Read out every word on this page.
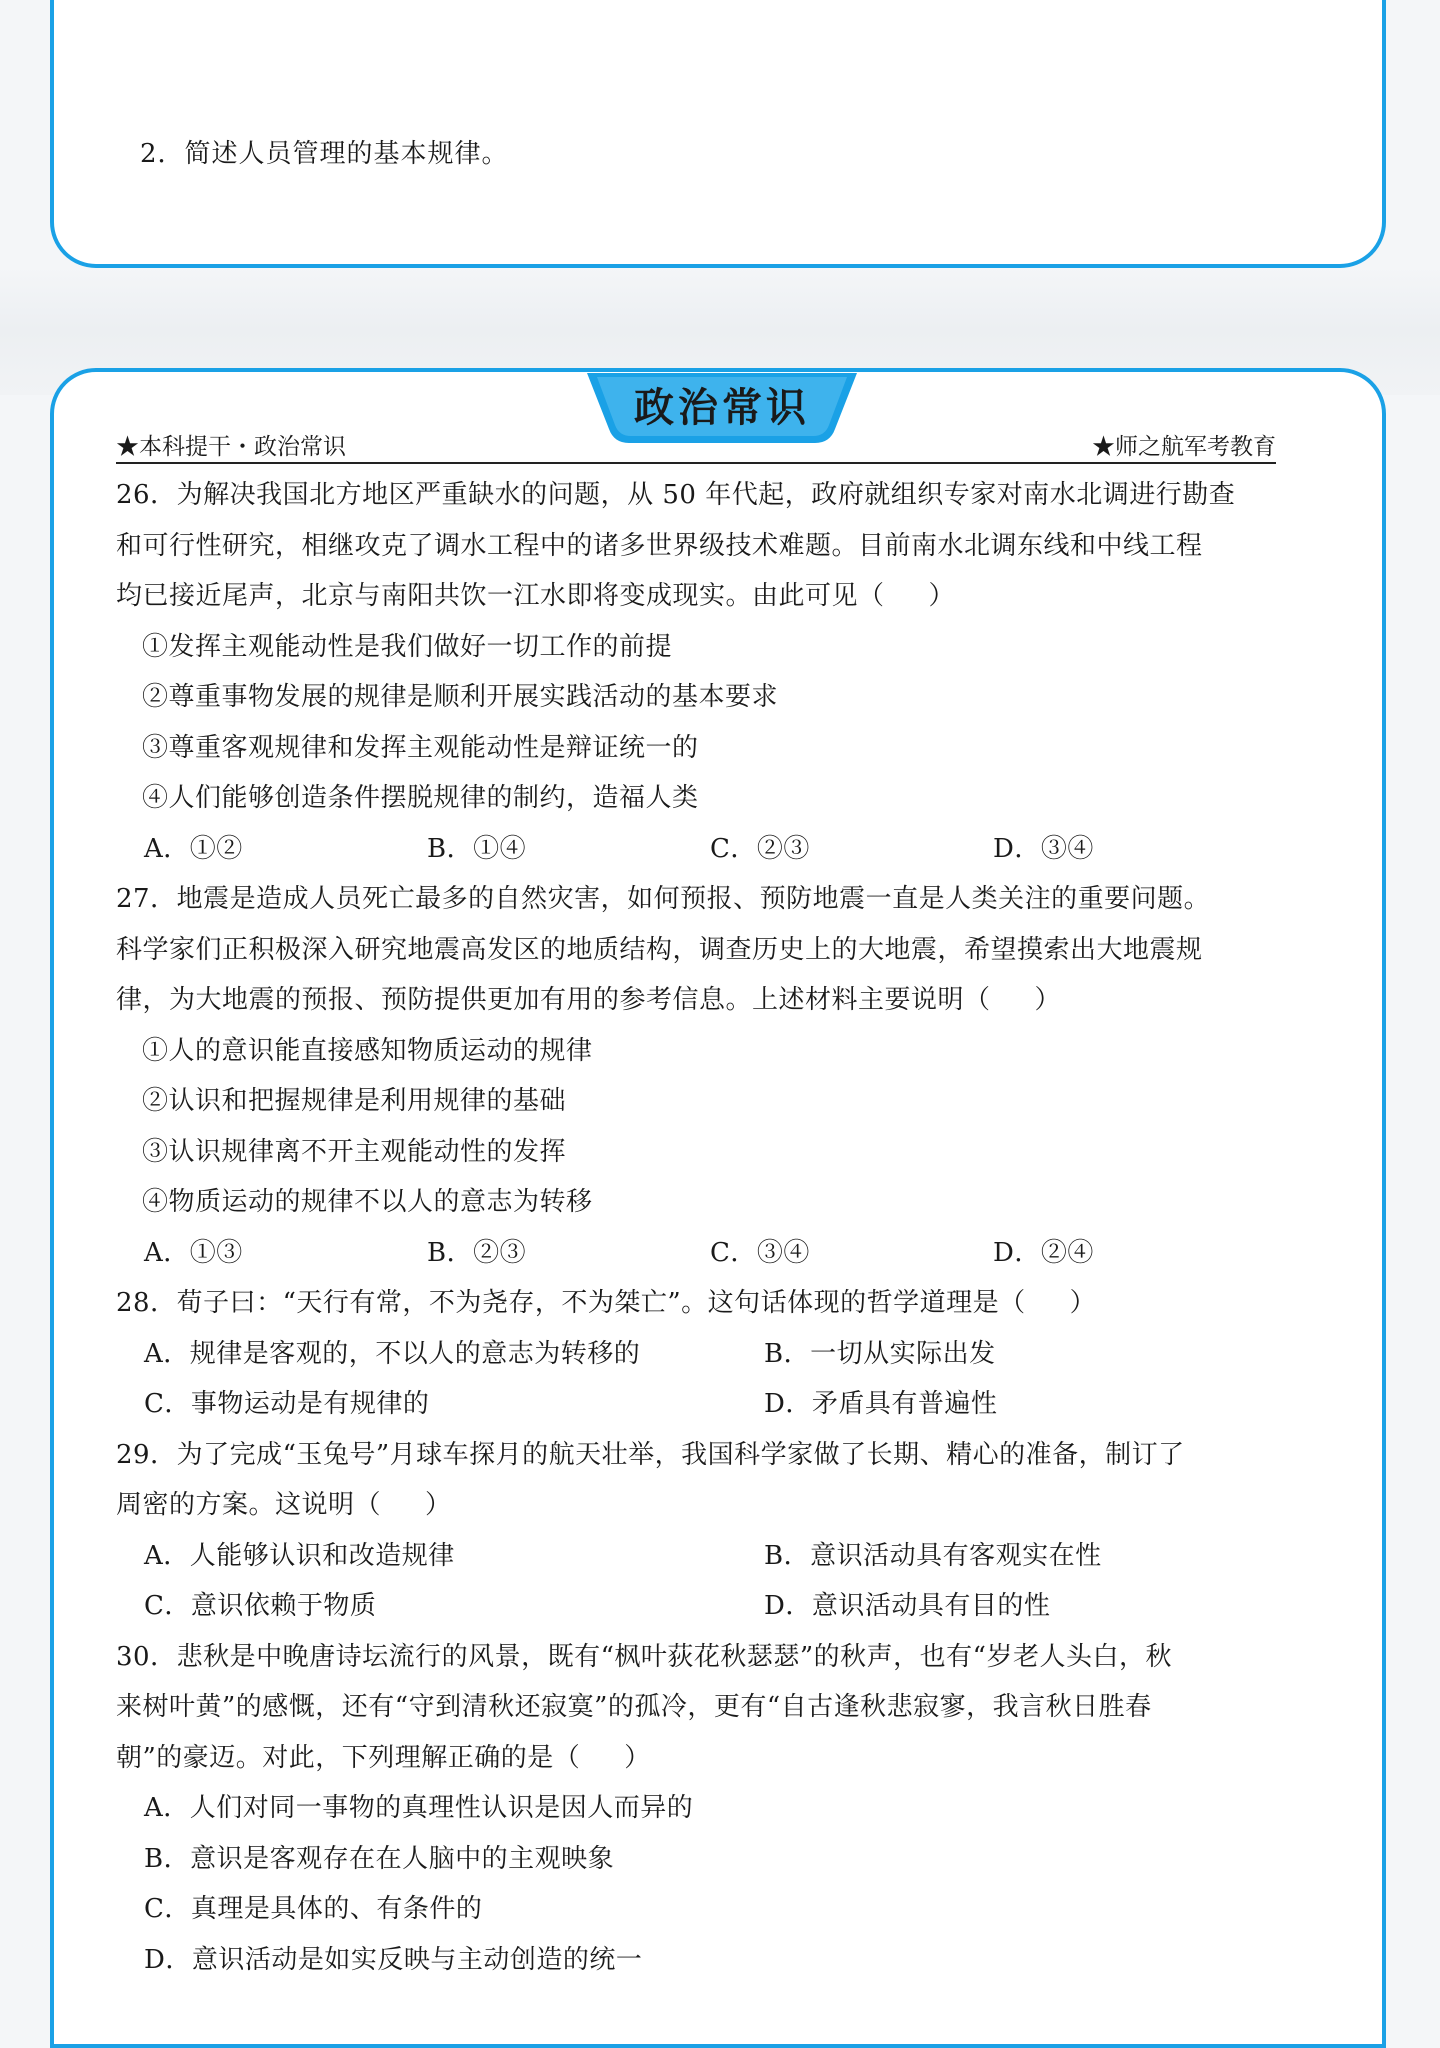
2．简述人员管理的基本规律。
政治常识
★本科提干・政治常识	★师之航军考教育
26．为解决我国北方地区严重缺水的问题，从 50 年代起，政府就组织专家对南水北调进行勘查
和可行性研究，相继攻克了调水工程中的诸多世界级技术难题。目前南水北调东线和中线工程
均已接近尾声，北京与南阳共饮一江水即将变成现实。由此可见（ ）
①发挥主观能动性是我们做好一切工作的前提
②尊重事物发展的规律是顺利开展实践活动的基本要求
③尊重客观规律和发挥主观能动性是辩证统一的
④人们能够创造条件摆脱规律的制约，造福人类
A．①②	B．①④	C．②③	D．③④
27．地震是造成人员死亡最多的自然灾害，如何预报、预防地震一直是人类关注的重要问题。
科学家们正积极深入研究地震高发区的地质结构，调查历史上的大地震，希望摸索出大地震规
律，为大地震的预报、预防提供更加有用的参考信息。上述材料主要说明（ ）
①人的意识能直接感知物质运动的规律
②认识和把握规律是利用规律的基础
③认识规律离不开主观能动性的发挥
④物质运动的规律不以人的意志为转移
A．①③	B．②③	C．③④	D．②④
28．荀子曰：“天行有常，不为尧存，不为桀亡”。这句话体现的哲学道理是（ ）
A．规律是客观的，不以人的意志为转移的	B．一切从实际出发
C．事物运动是有规律的	D．矛盾具有普遍性
29．为了完成“玉兔号”月球车探月的航天壮举，我国科学家做了长期、精心的准备，制订了
周密的方案。这说明（ ）
A．人能够认识和改造规律	B．意识活动具有客观实在性
C．意识依赖于物质	D．意识活动具有目的性
30．悲秋是中晚唐诗坛流行的风景，既有“枫叶荻花秋瑟瑟”的秋声，也有“岁老人头白，秋
来树叶黄”的感慨，还有“守到清秋还寂寞”的孤冷，更有“自古逢秋悲寂寥，我言秋日胜春
朝”的豪迈。对此，下列理解正确的是（ ）
A．人们对同一事物的真理性认识是因人而异的
B．意识是客观存在在人脑中的主观映象
C．真理是具体的、有条件的
D．意识活动是如实反映与主动创造的统一
